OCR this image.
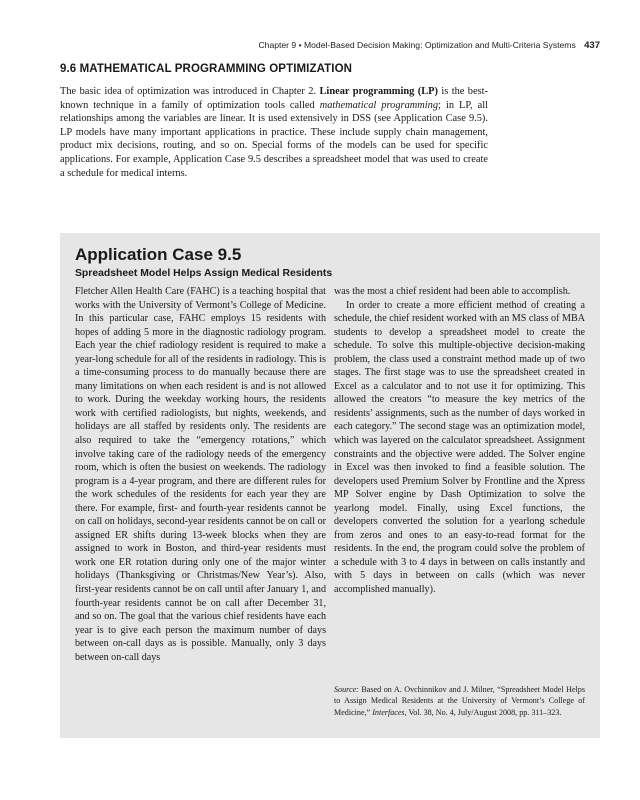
Chapter 9 • Model-Based Decision Making: Optimization and Multi-Criteria Systems 437
9.6 MATHEMATICAL PROGRAMMING OPTIMIZATION

The basic idea of optimization was introduced in Chapter 2. Linear programming (LP) is the best-known technique in a family of optimization tools called mathematical programming; in LP, all relationships among the variables are linear. It is used extensively in DSS (see Application Case 9.5). LP models have many important applications in practice. These include supply chain management, product mix decisions, routing, and so on. Special forms of the models can be used for specific applications. For example, Application Case 9.5 describes a spreadsheet model that was used to create a schedule for medical interns.

Application Case 9.5
Spreadsheet Model Helps Assign Medical Residents

Fletcher Allen Health Care (FAHC) is a teaching hospital that works with the University of Vermont’s College of Medicine. In this particular case, FAHC employs 15 residents with hopes of adding 5 more in the diagnostic radiology program. Each year the chief radiology resident is required to make a year-long schedule for all of the residents in radiology. This is a time-consuming process to do manually because there are many limitations on when each resident is and is not allowed to work. During the weekday working hours, the residents work with certified radiologists, but nights, weekends, and holidays are all staffed by residents only. The residents are also required to take the “emergency rotations,” which involve taking care of the radiology needs of the emergency room, which is often the busiest on weekends. The radiology program is a 4-year program, and there are different rules for the work schedules of the residents for each year they are there. For example, first- and fourth-year residents cannot be on call on holidays, second-year residents cannot be on call or assigned ER shifts during 13-week blocks when they are assigned to work in Boston, and third-year residents must work one ER rotation during only one of the major winter holidays (Thanksgiving or Christmas/New Year’s). Also, first-year residents cannot be on call until after January 1, and fourth-year residents cannot be on call after December 31, and so on. The goal that the various chief residents have each year is to give each person the maximum number of days between on-call days as is possible. Manually, only 3 days between on-call days

was the most a chief resident had been able to accomplish.

In order to create a more efficient method of creating a schedule, the chief resident worked with an MS class of MBA students to develop a spreadsheet model to create the schedule. To solve this multiple-objective decision-making problem, the class used a constraint method made up of two stages. The first stage was to use the spreadsheet created in Excel as a calculator and to not use it for optimizing. This allowed the creators “to measure the key metrics of the residents’ assignments, such as the number of days worked in each category.” The second stage was an optimization model, which was layered on the calculator spreadsheet. Assignment constraints and the objective were added. The Solver engine in Excel was then invoked to find a feasible solution. The developers used Premium Solver by Frontline and the Xpress MP Solver engine by Dash Optimization to solve the yearlong model. Finally, using Excel functions, the developers converted the solution for a yearlong schedule from zeros and ones to an easy-to-read format for the residents. In the end, the program could solve the problem of a schedule with 3 to 4 days in between on calls instantly and with 5 days in between on calls (which was never accomplished manually).

Source: Based on A. Ovchinnikov and J. Milner, “Spreadsheet Model Helps to Assign Medical Residents at the University of Vermont’s College of Medicine,” Interfaces, Vol. 38, No. 4, July/August 2008, pp. 311–323.
